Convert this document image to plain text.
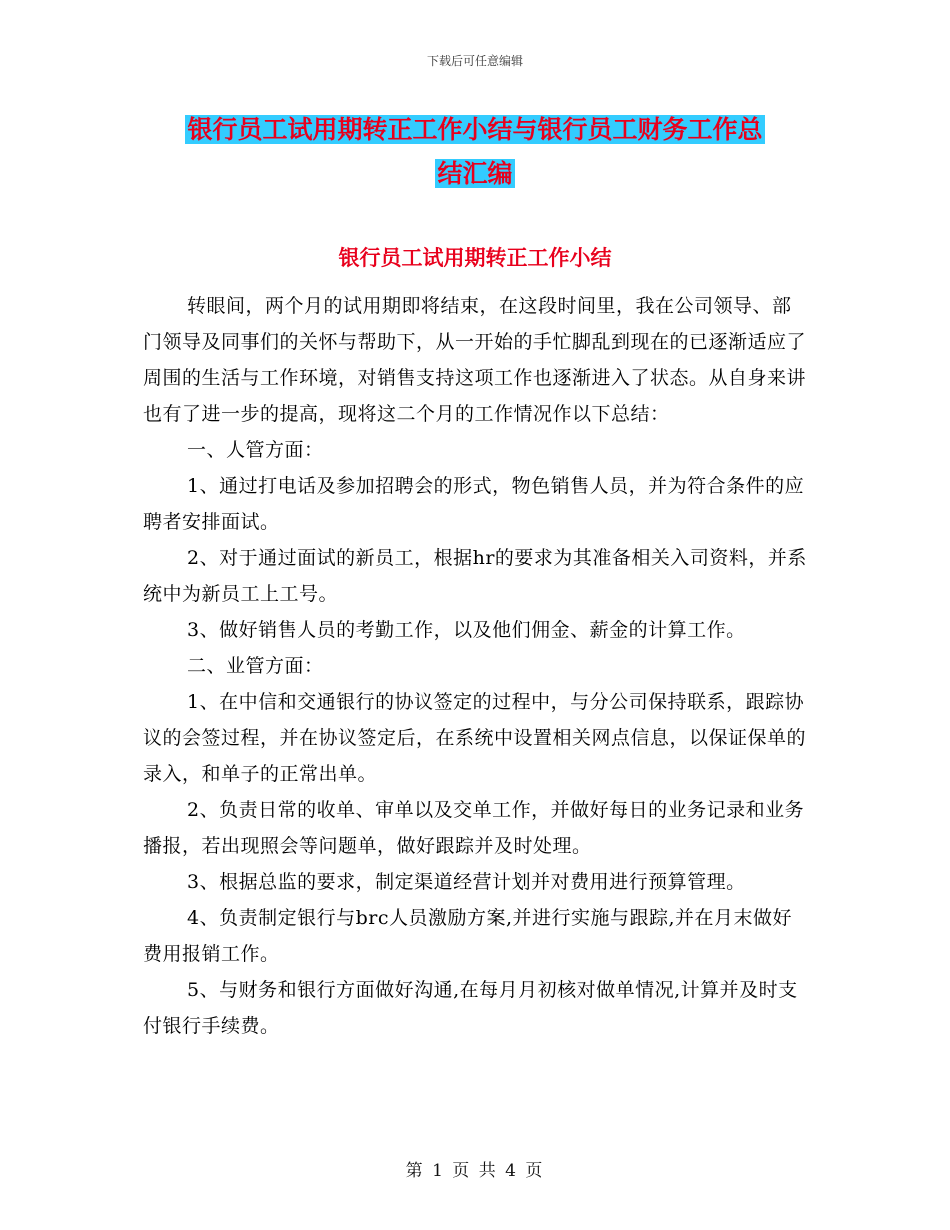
下载后可任意编辑
银行员工试用期转正工作小结与银行员工财务工作总
结汇编
银行员工试用期转正工作小结

转眼间，两个月的试用期即将结束，在这段时间里，我在公司领导、部门领导及同事们的关怀与帮助下，从一开始的手忙脚乱到现在的已逐渐适应了周围的生活与工作环境，对销售支持这项工作也逐渐进入了状态。从自身来讲也有了进一步的提高，现将这二个月的工作情况作以下总结：

一、人管方面：

1、通过打电话及参加招聘会的形式，物色销售人员，并为符合条件的应聘者安排面试。

2、对于通过面试的新员工，根据hr的要求为其准备相关入司资料，并系统中为新员工上工号。

3、做好销售人员的考勤工作，以及他们佣金、薪金的计算工作。

二、业管方面：

1、在中信和交通银行的协议签定的过程中，与分公司保持联系，跟踪协议的会签过程，并在协议签定后，在系统中设置相关网点信息，以保证保单的录入，和单子的正常出单。

2、负责日常的收单、审单以及交单工作，并做好每日的业务记录和业务播报，若出现照会等问题单，做好跟踪并及时处理。

3、根据总监的要求，制定渠道经营计划并对费用进行预算管理。

4、负责制定银行与brc人员激励方案,并进行实施与跟踪,并在月末做好费用报销工作。

5、与财务和银行方面做好沟通,在每月月初核对做单情况,计算并及时支付银行手续费。

第 1 页 共 4 页
